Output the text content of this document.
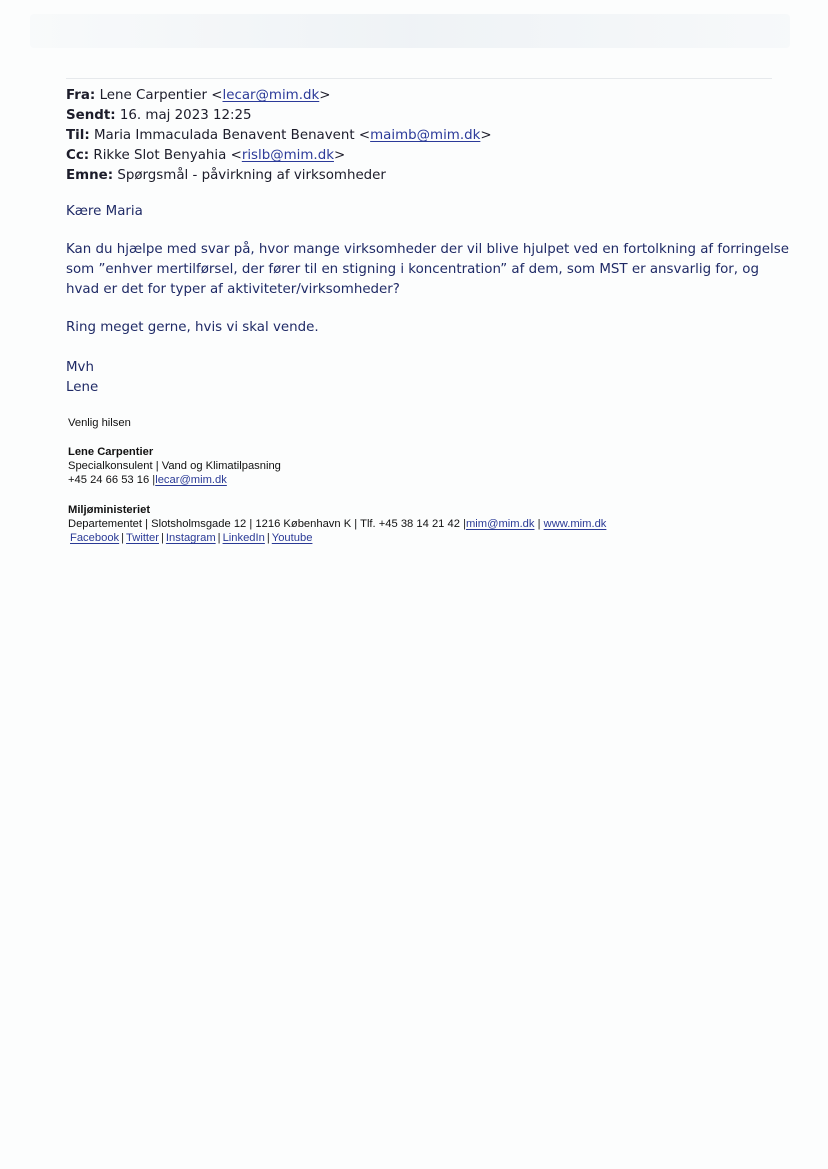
Fra: Lene Carpentier <lecar@mim.dk>
Sendt: 16. maj 2023 12:25
Til: Maria Immaculada Benavent Benavent <maimb@mim.dk>
Cc: Rikke Slot Benyahia <rislb@mim.dk>
Emne: Spørgsmål - påvirkning af virksomheder
Kære Maria
Kan du hjælpe med svar på, hvor mange virksomheder der vil blive hjulpet ved en fortolkning af forringelse
som ”enhver mertilførsel, der fører til en stigning i koncentration” af dem, som MST er ansvarlig for, og
hvad er det for typer af aktiviteter/virksomheder?
Ring meget gerne, hvis vi skal vende.
Mvh
Lene
Venlig hilsen
Lene Carpentier
Specialkonsulent | Vand og Klimatilpasning
+45 24 66 53 16 |lecar@mim.dk
Miljøministeriet
Departementet | Slotsholmsgade 12 | 1216 København K | Tlf. +45 38 14 21 42 |mim@mim.dk | www.mim.dk
Facebook | Twitter | Instagram | LinkedIn | Youtube
